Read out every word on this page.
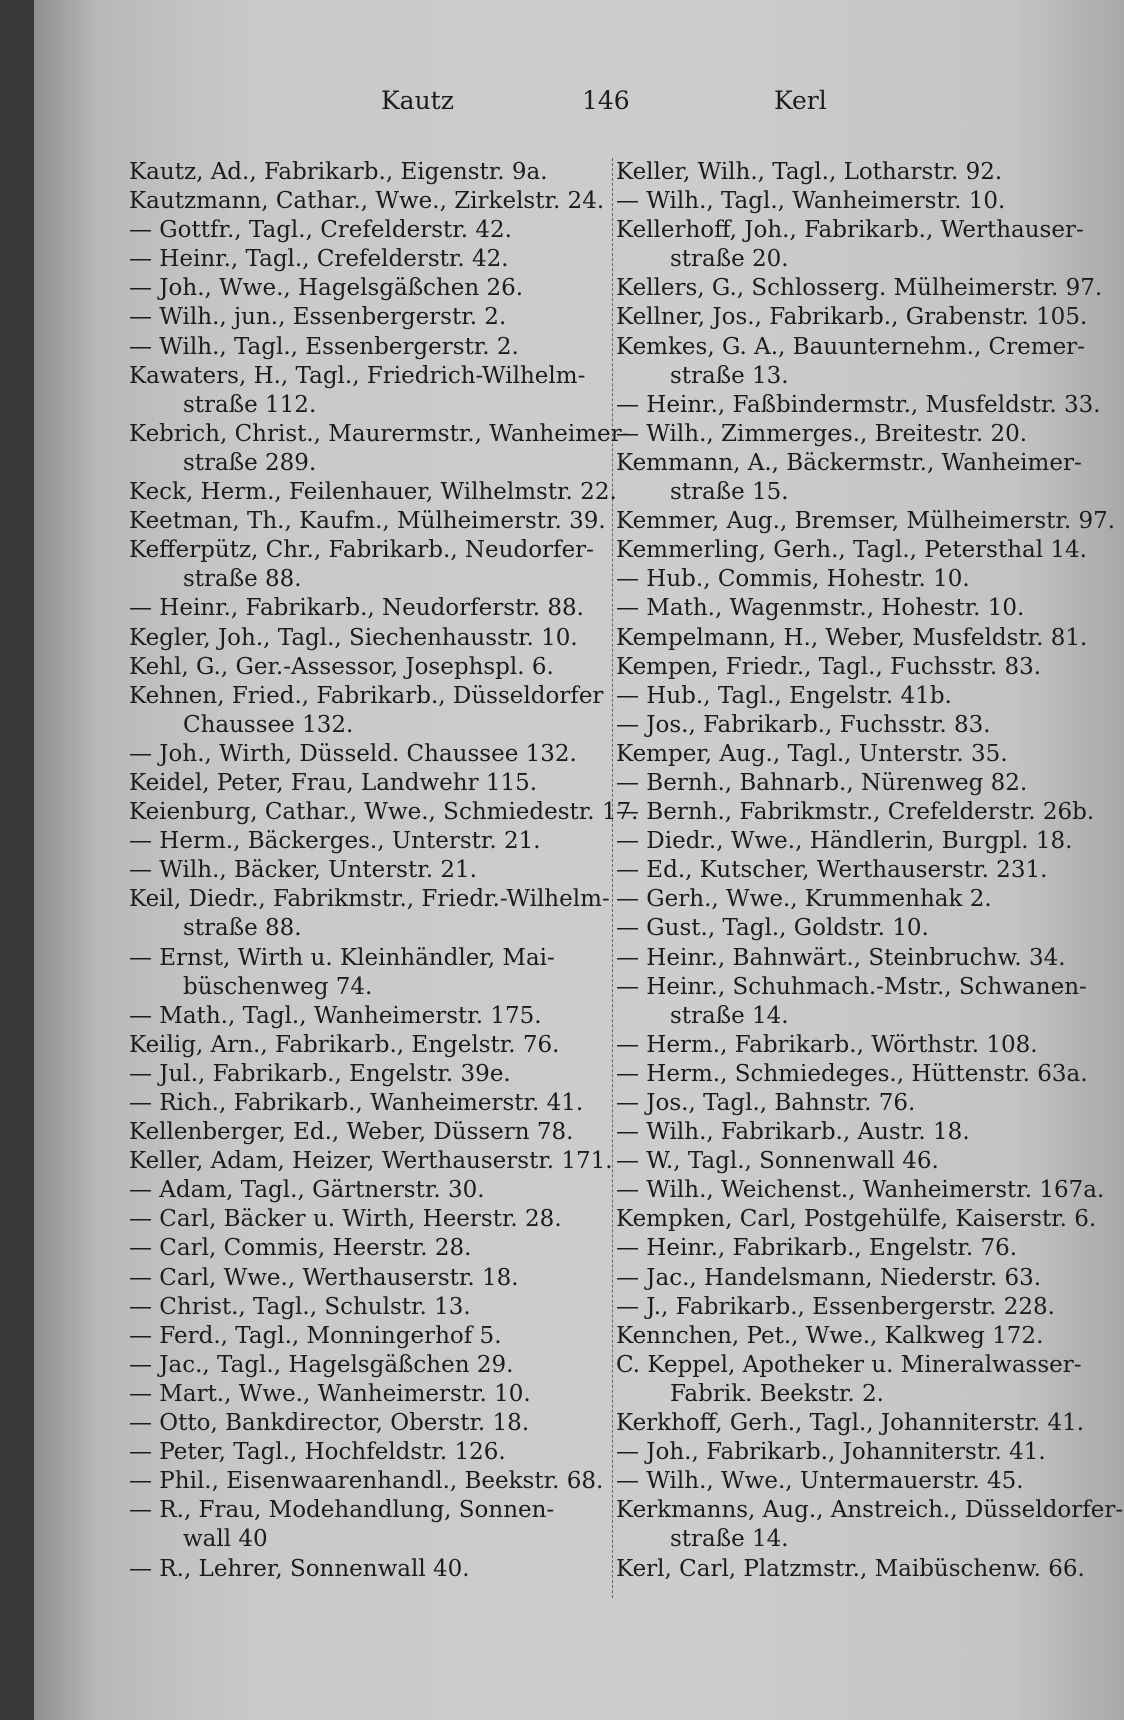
Kautz	146	Kerl
Kautz, Ad., Fabrikarb., Eigenstr. 9a.
Kautzmann, Cathar., Wwe., Zirkelstr. 24.
— Gottfr., Tagl., Crefelderstr. 42.
— Heinr., Tagl., Crefelderstr. 42.
— Joh., Wwe., Hagelsgäßchen 26.
— Wilh., jun., Essenbergerstr. 2.
— Wilh., Tagl., Essenbergerstr. 2.
Kawaters, H., Tagl., Friedrich-Wilhelm-
straße 112.
Kebrich, Christ., Maurermstr., Wanheimer-
straße 289.
Keck, Herm., Feilenhauer, Wilhelmstr. 22.
Keetman, Th., Kaufm., Mülheimerstr. 39.
Kefferpütz, Chr., Fabrikarb., Neudorfer-
straße 88.
— Heinr., Fabrikarb., Neudorferstr. 88.
Kegler, Joh., Tagl., Siechenhausstr. 10.
Kehl, G., Ger.-Assessor, Josephspl. 6.
Kehnen, Fried., Fabrikarb., Düsseldorfer
Chaussee 132.
— Joh., Wirth, Düsseld. Chaussee 132.
Keidel, Peter, Frau, Landwehr 115.
Keienburg, Cathar., Wwe., Schmiedestr. 17.
— Herm., Bäckerges., Unterstr. 21.
— Wilh., Bäcker, Unterstr. 21.
Keil, Diedr., Fabrikmstr., Friedr.-Wilhelm-
straße 88.
— Ernst, Wirth u. Kleinhändler, Mai-
büschenweg 74.
— Math., Tagl., Wanheimerstr. 175.
Keilig, Arn., Fabrikarb., Engelstr. 76.
— Jul., Fabrikarb., Engelstr. 39e.
— Rich., Fabrikarb., Wanheimerstr. 41.
Kellenberger, Ed., Weber, Düssern 78.
Keller, Adam, Heizer, Werthauserstr. 171.
— Adam, Tagl., Gärtnerstr. 30.
— Carl, Bäcker u. Wirth, Heerstr. 28.
— Carl, Commis, Heerstr. 28.
— Carl, Wwe., Werthauserstr. 18.
— Christ., Tagl., Schulstr. 13.
— Ferd., Tagl., Monningerhof 5.
— Jac., Tagl., Hagelsgäßchen 29.
— Mart., Wwe., Wanheimerstr. 10.
— Otto, Bankdirector, Oberstr. 18.
— Peter, Tagl., Hochfeldstr. 126.
— Phil., Eisenwaarenhandl., Beekstr. 68.
— R., Frau, Modehandlung, Sonnen-
wall 40
— R., Lehrer, Sonnenwall 40.
Keller, Wilh., Tagl., Lotharstr. 92.
— Wilh., Tagl., Wanheimerstr. 10.
Kellerhoff, Joh., Fabrikarb., Werthauser-
straße 20.
Kellers, G., Schlosserg. Mülheimerstr. 97.
Kellner, Jos., Fabrikarb., Grabenstr. 105.
Kemkes, G. A., Bauunternehm., Cremer-
straße 13.
— Heinr., Faßbindermstr., Musfeldstr. 33.
— Wilh., Zimmerges., Breitestr. 20.
Kemmann, A., Bäckermstr., Wanheimer-
straße 15.
Kemmer, Aug., Bremser, Mülheimerstr. 97.
Kemmerling, Gerh., Tagl., Petersthal 14.
— Hub., Commis, Hohestr. 10.
— Math., Wagenmstr., Hohestr. 10.
Kempelmann, H., Weber, Musfeldstr. 81.
Kempen, Friedr., Tagl., Fuchsstr. 83.
— Hub., Tagl., Engelstr. 41b.
— Jos., Fabrikarb., Fuchsstr. 83.
Kemper, Aug., Tagl., Unterstr. 35.
— Bernh., Bahnarb., Nürenweg 82.
— Bernh., Fabrikmstr., Crefelderstr. 26b.
— Diedr., Wwe., Händlerin, Burgpl. 18.
— Ed., Kutscher, Werthauserstr. 231.
— Gerh., Wwe., Krummenhak 2.
— Gust., Tagl., Goldstr. 10.
— Heinr., Bahnwärt., Steinbruchw. 34.
— Heinr., Schuhmach.-Mstr., Schwanen-
straße 14.
— Herm., Fabrikarb., Wörthstr. 108.
— Herm., Schmiedeges., Hüttenstr. 63a.
— Jos., Tagl., Bahnstr. 76.
— Wilh., Fabrikarb., Austr. 18.
— W., Tagl., Sonnenwall 46.
— Wilh., Weichenst., Wanheimerstr. 167a.
Kempken, Carl, Postgehülfe, Kaiserstr. 6.
— Heinr., Fabrikarb., Engelstr. 76.
— Jac., Handelsmann, Niederstr. 63.
— J., Fabrikarb., Essenbergerstr. 228.
Kennchen, Pet., Wwe., Kalkweg 172.
C. Keppel, Apotheker u. Mineralwasser-
Fabrik. Beekstr. 2.
Kerkhoff, Gerh., Tagl., Johanniterstr. 41.
— Joh., Fabrikarb., Johanniterstr. 41.
— Wilh., Wwe., Untermauerstr. 45.
Kerkmanns, Aug., Anstreich., Düsseldorfer-
straße 14.
Kerl, Carl, Platzmstr., Maibüschenw. 66.
